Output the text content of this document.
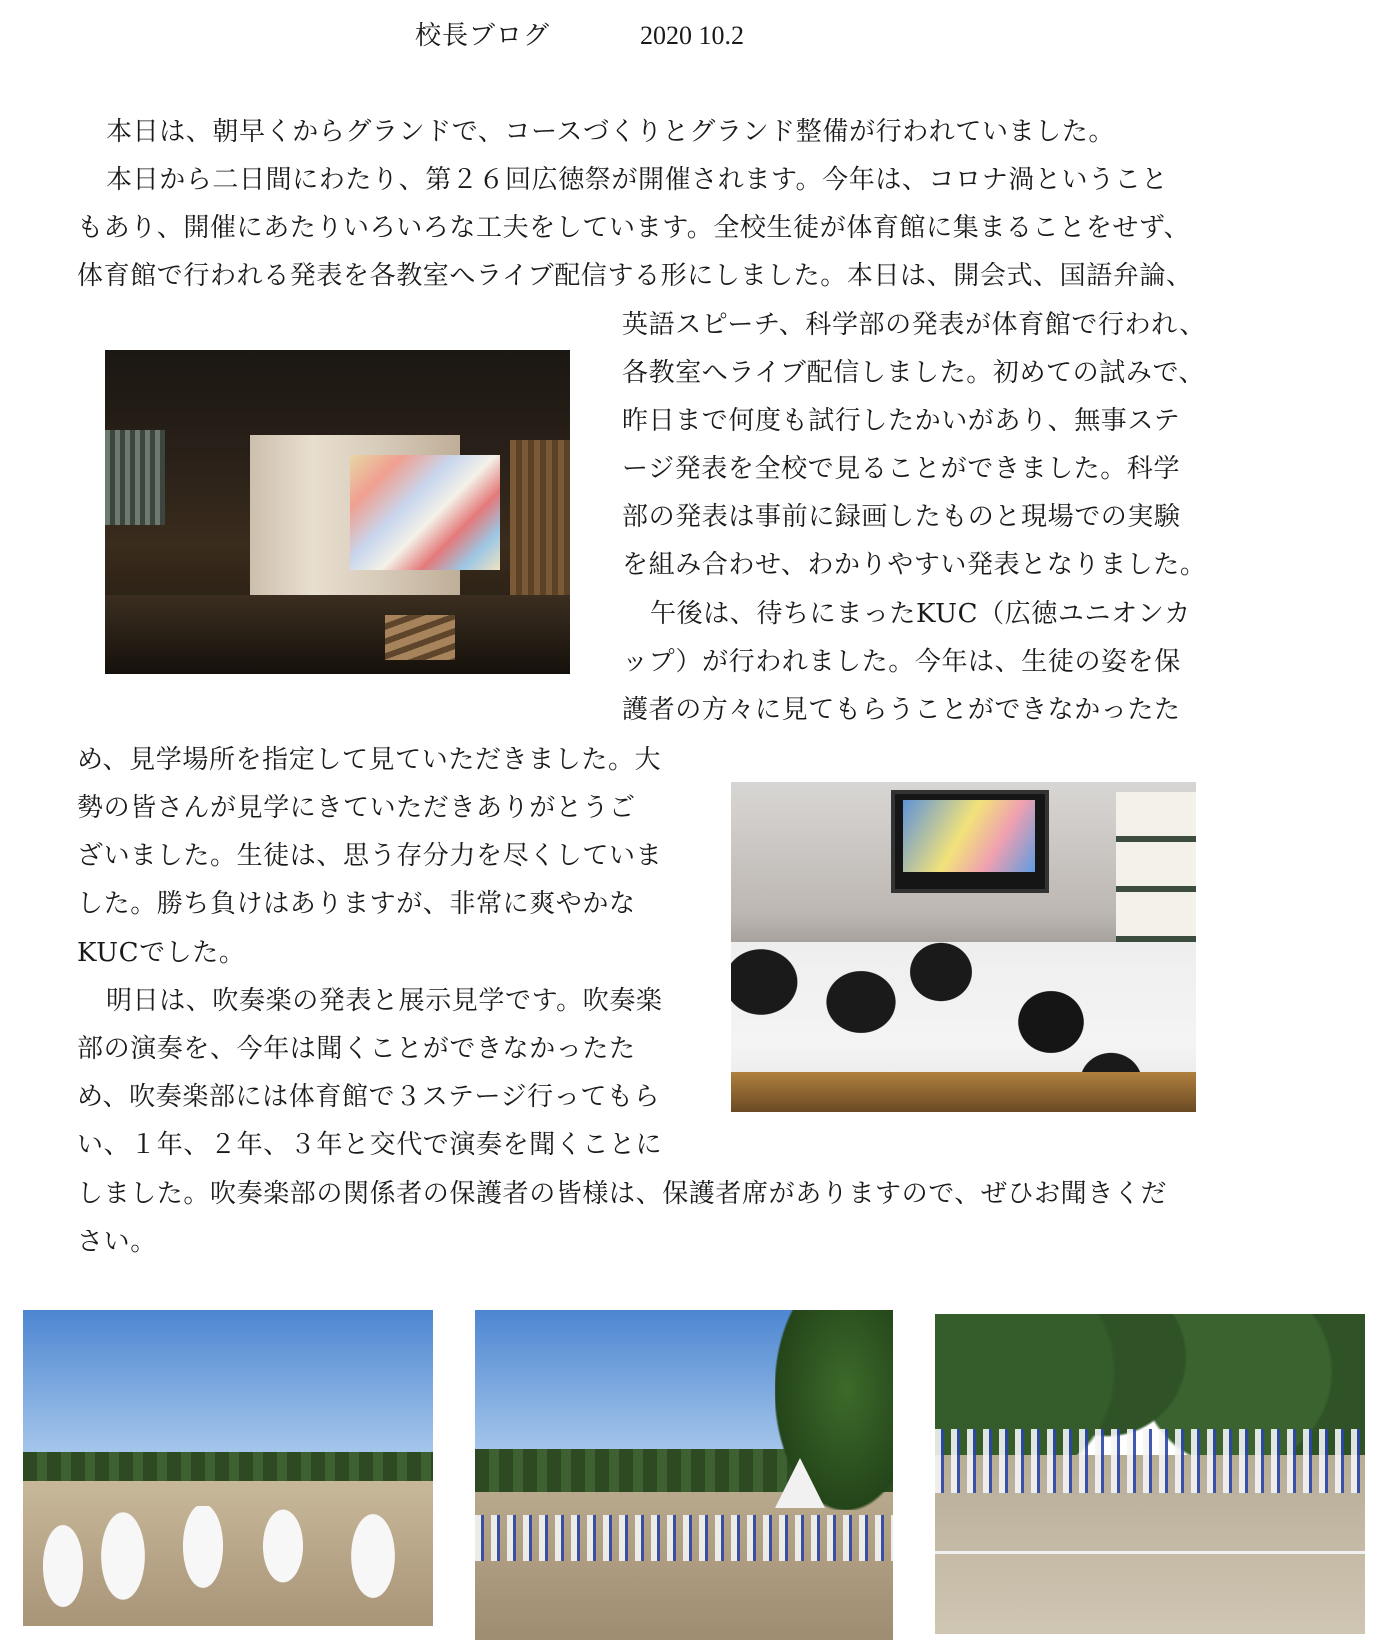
校長ブログ	2020 10.2
本日は、朝早くからグランドで、コースづくりとグランド整備が行われていました。
本日から二日間にわたり、第２６回広徳祭が開催されます。今年は、コロナ渦ということ
もあり、開催にあたりいろいろな工夫をしています。全校生徒が体育館に集まることをせず、
体育館で行われる発表を各教室へライブ配信する形にしました。本日は、開会式、国語弁論、
英語スピーチ、科学部の発表が体育館で行われ、
各教室へライブ配信しました。初めての試みで、
昨日まで何度も試行したかいがあり、無事ステ
ージ発表を全校で見ることができました。科学
部の発表は事前に録画したものと現場での実験
を組み合わせ、わかりやすい発表となりました。
午後は、待ちにまったKUC（広徳ユニオンカ
ップ）が行われました。今年は、生徒の姿を保
護者の方々に見てもらうことができなかったた
め、見学場所を指定して見ていただきました。大
勢の皆さんが見学にきていただきありがとうご
ざいました。生徒は、思う存分力を尽くしていま
した。勝ち負けはありますが、非常に爽やかな
KUCでした。
明日は、吹奏楽の発表と展示見学です。吹奏楽
部の演奏を、今年は聞くことができなかったた
め、吹奏楽部には体育館で３ステージ行ってもら
い、１年、２年、３年と交代で演奏を聞くことに
しました。吹奏楽部の関係者の保護者の皆様は、保護者席がありますので、ぜひお聞きくだ
さい。
